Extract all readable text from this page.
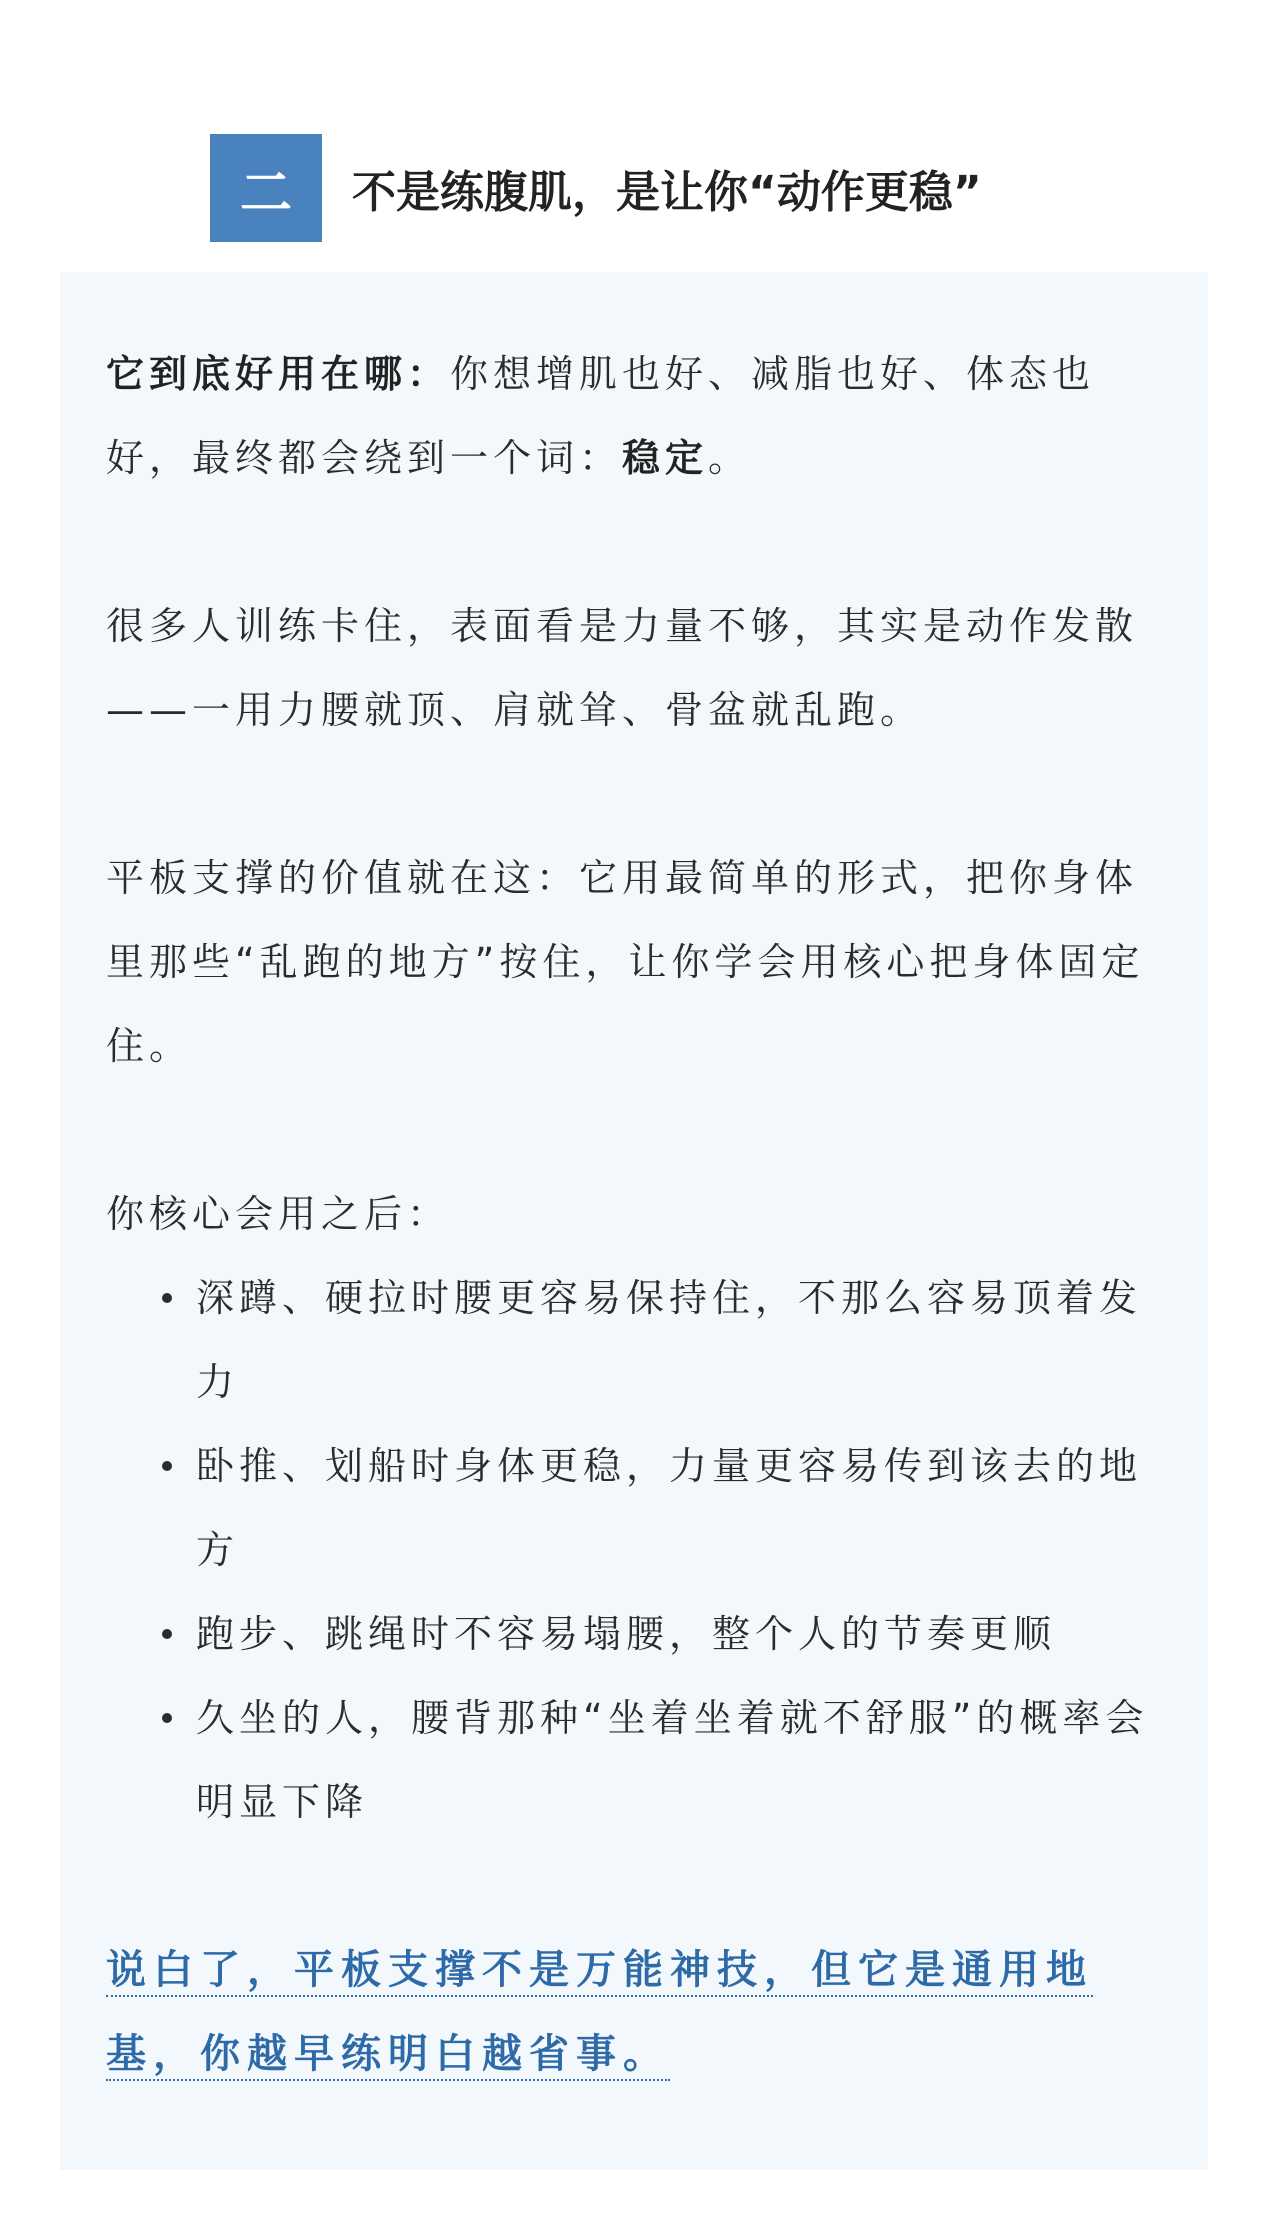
二	不是练腹肌，是让你“动作更稳”

它到底好用在哪：你想增肌也好、减脂也好、体态也好，最终都会绕到一个词：稳定。

很多人训练卡住，表面看是力量不够，其实是动作发散——一用力腰就顶、肩就耸、骨盆就乱跑。

平板支撑的价值就在这：它用最简单的形式，把你身体里那些“乱跑的地方”按住，让你学会用核心把身体固定住。

你核心会用之后：

深蹲、硬拉时腰更容易保持住，不那么容易顶着发力
卧推、划船时身体更稳，力量更容易传到该去的地方
跑步、跳绳时不容易塌腰，整个人的节奏更顺
久坐的人，腰背那种“坐着坐着就不舒服”的概率会明显下降

说白了，平板支撑不是万能神技，但它是通用地基，你越早练明白越省事。
